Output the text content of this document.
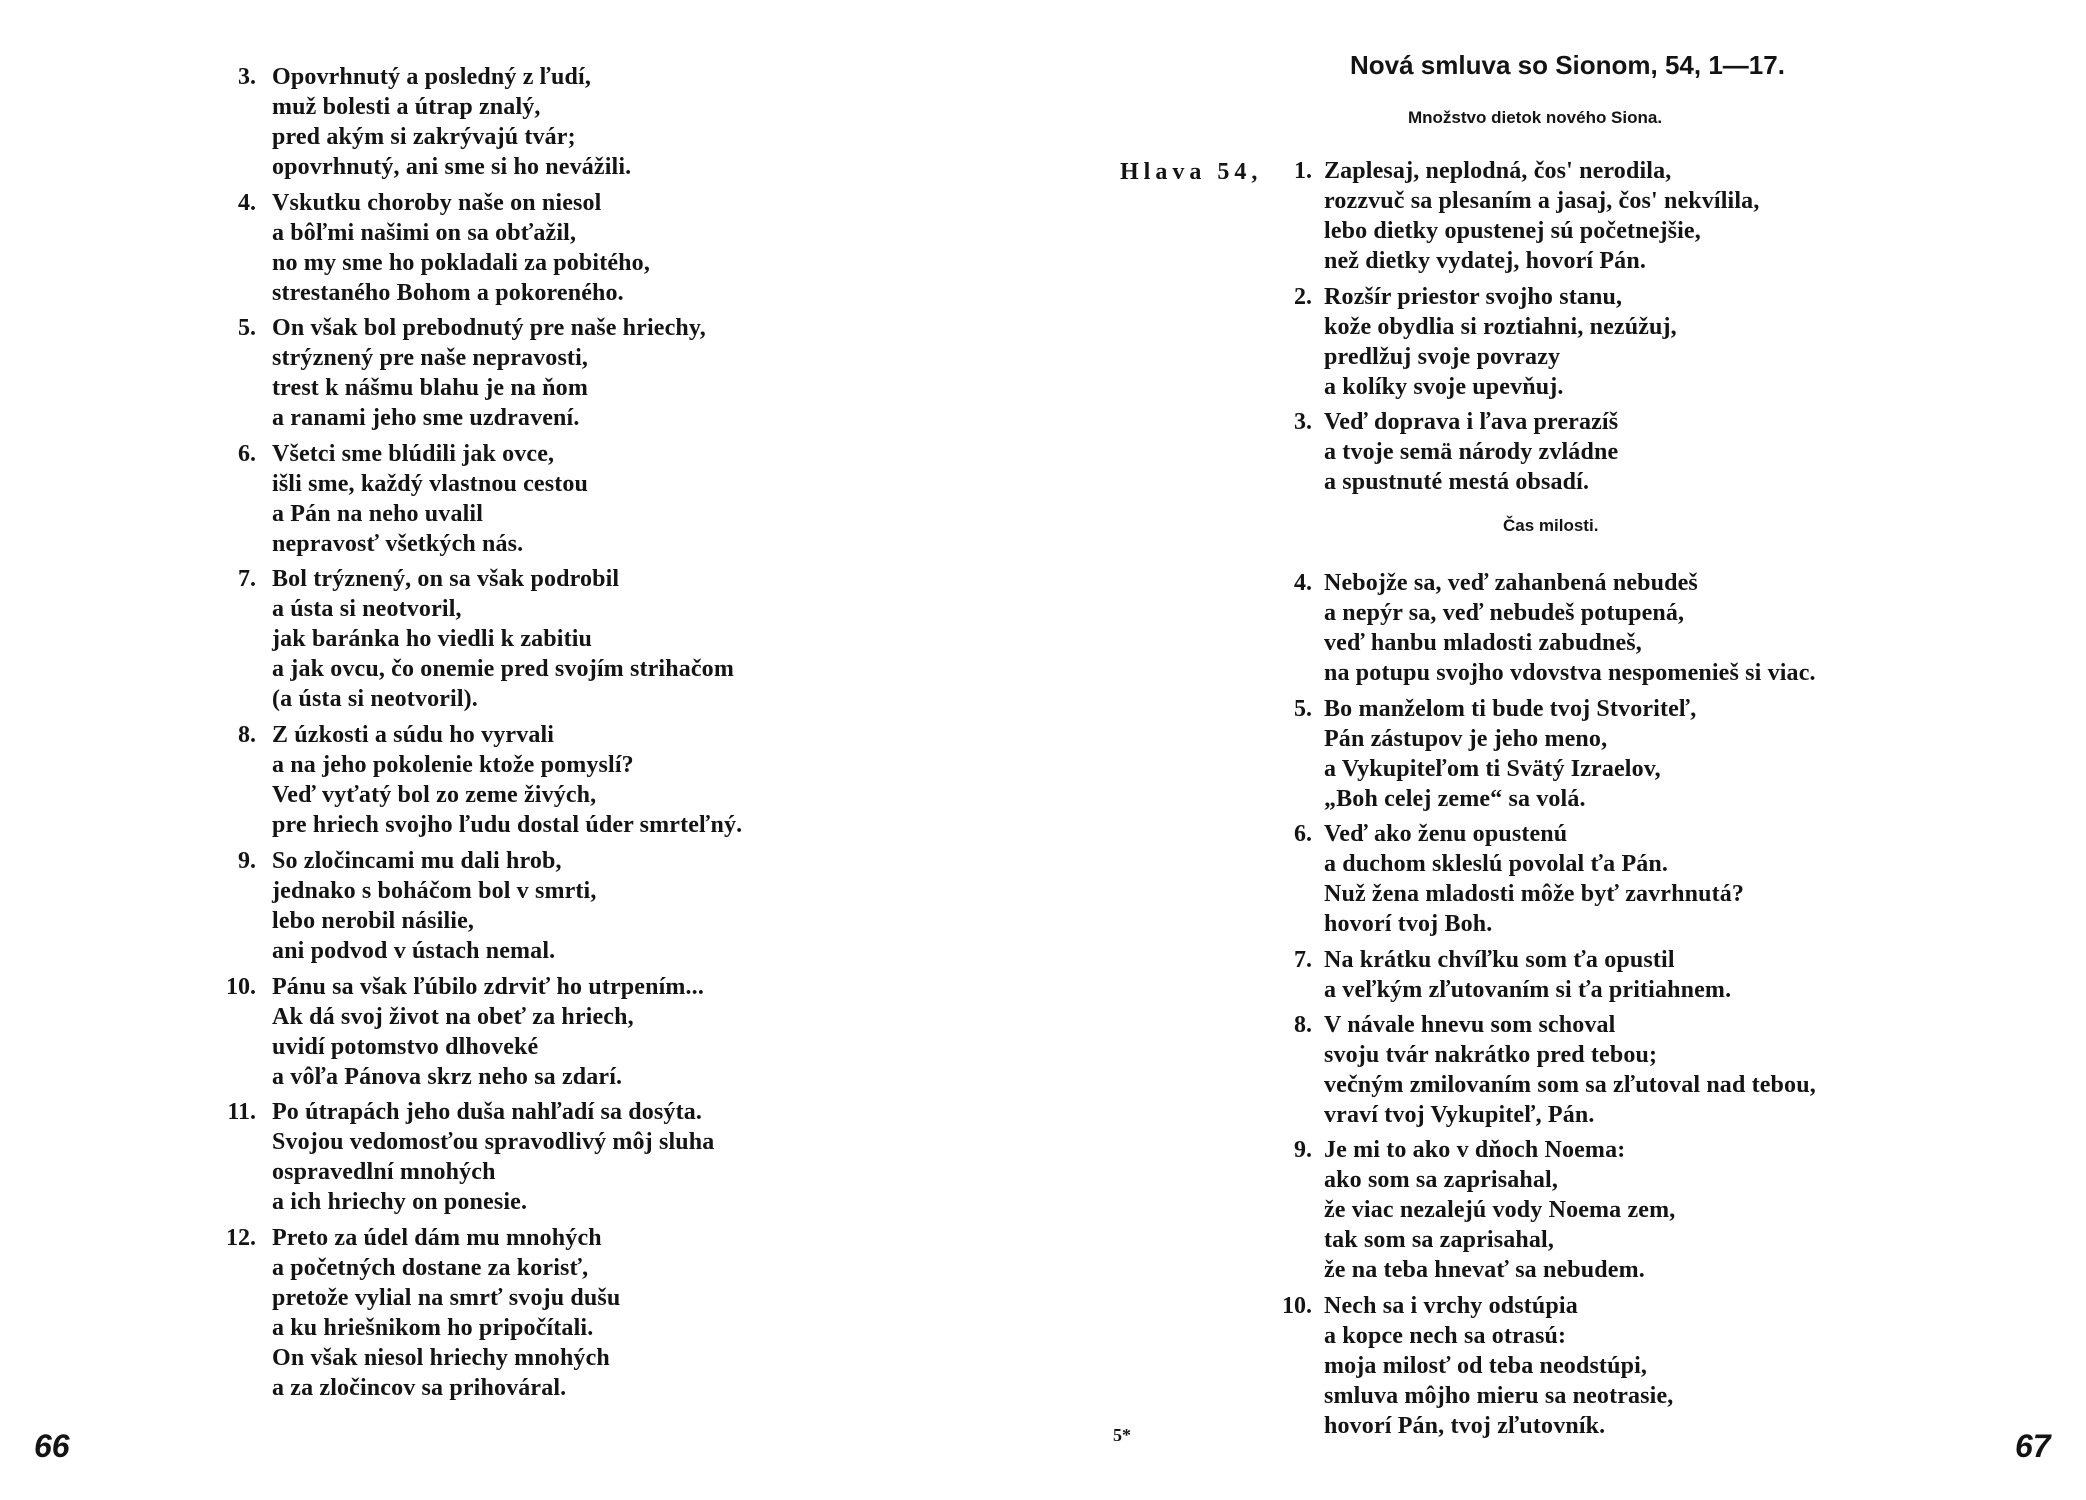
3. Opovrhnutý a posledný z ľudí,
muž bolesti a útrap znalý,
pred akým si zakrývajú tvár;
opovrhnutý, ani sme si ho nevážili.
4. Vskutku choroby naše on niesol
a bôľmi našimi on sa obťažil,
no my sme ho pokladali za pobitého,
strestaného Bohom a pokoreného.
5. On však bol prebodnutý pre naše hriechy,
strýznený pre naše nepravosti,
trest k nášmu blahu je na ňom
a ranami jeho sme uzdravení.
6. Všetci sme blúdili jak ovce,
išli sme, každý vlastnou cestou
a Pán na neho uvalil
nepravosť všetkých nás.
7. Bol trýznený, on sa však podrobil
a ústa si neotvoril,
jak baránka ho viedli k zabitiu
a jak ovcu, čo onemie pred svojím strihačom
(a ústa si neotvoril).
8. Z úzkosti a súdu ho vyrvali
a na jeho pokolenie ktože pomyslí?
Veď vyťatý bol zo zeme živých,
pre hriech svojho ľudu dostal úder smrteľný.
9. So zločincami mu dali hrob,
jednako s boháčom bol v smrti,
lebo nerobil násilie,
ani podvod v ústach nemal.
10. Pánu sa však ľúbilo zdrviť ho utrpením...
Ak dá svoj život na obeť za hriech,
uvidí potomstvo dlhoveké
a vôľa Pánova skrz neho sa zdarí.
11. Po útrapách jeho duša nahľadí sa dosýta.
Svojou vedomosťou spravodlivý môj sluha
ospravedlní mnohých
a ich hriechy on ponesie.
12. Preto za údel dám mu mnohých
a početných dostane za korisť,
pretože vylial na smrť svoju dušu
a ku hriešnikom ho pripočítali.
On však niesol hriechy mnohých
a za zločincov sa prihováral.
66
Nová smluva so Sionom, 54, 1—17.
Množstvo dietok nového Siona.
Hlava 54,	1. Zaplesaj, neplodná, čos' nerodila,
rozzvuč sa plesaním a jasaj, čos' nekvílila,
lebo dietky opustenej sú početnejšie,
než dietky vydatej, hovorí Pán.
2. Rozšír priestor svojho stanu,
kože obydlia si roztiahni, nezúžuj,
predlžuj svoje povrazy
a kolíky svoje upevňuj.
3. Veď doprava i ľava prerazíš
a tvoje semä národy zvládne
a spustnuté mestá obsadí.
Čas milosti.
4. Nebojže sa, veď zahanbená nebudeš
a nepýr sa, veď nebudeš potupená,
veď hanbu mladosti zabudneš,
na potupu svojho vdovstva nespomenieš si viac.
5. Bo manželom ti bude tvoj Stvoriteľ,
Pán zástupov je jeho meno,
a Vykupiteľom ti Svätý Izraelov,
„Boh celej zeme“ sa volá.
6. Veď ako ženu opustenú
a duchom skleslú povolal ťa Pán.
Nuž žena mladosti môže byť zavrhnutá?
hovorí tvoj Boh.
7. Na krátku chvíľku som ťa opustil
a veľkým zľutovaním si ťa pritiahnem.
8. V návale hnevu som schoval
svoju tvár nakrátko pred tebou;
večným zmilovaním som sa zľutoval nad tebou,
vraví tvoj Vykupiteľ, Pán.
9. Je mi to ako v dňoch Noema:
ako som sa zaprisahal,
že viac nezalejú vody Noema zem,
tak som sa zaprisahal,
že na teba hnevať sa nebudem.
10. Nech sa i vrchy odstúpia
a kopce nech sa otrasú:
moja milosť od teba neodstúpi,
smluva môjho mieru sa neotrasie,
hovorí Pán, tvoj zľutovník.
5*	67
